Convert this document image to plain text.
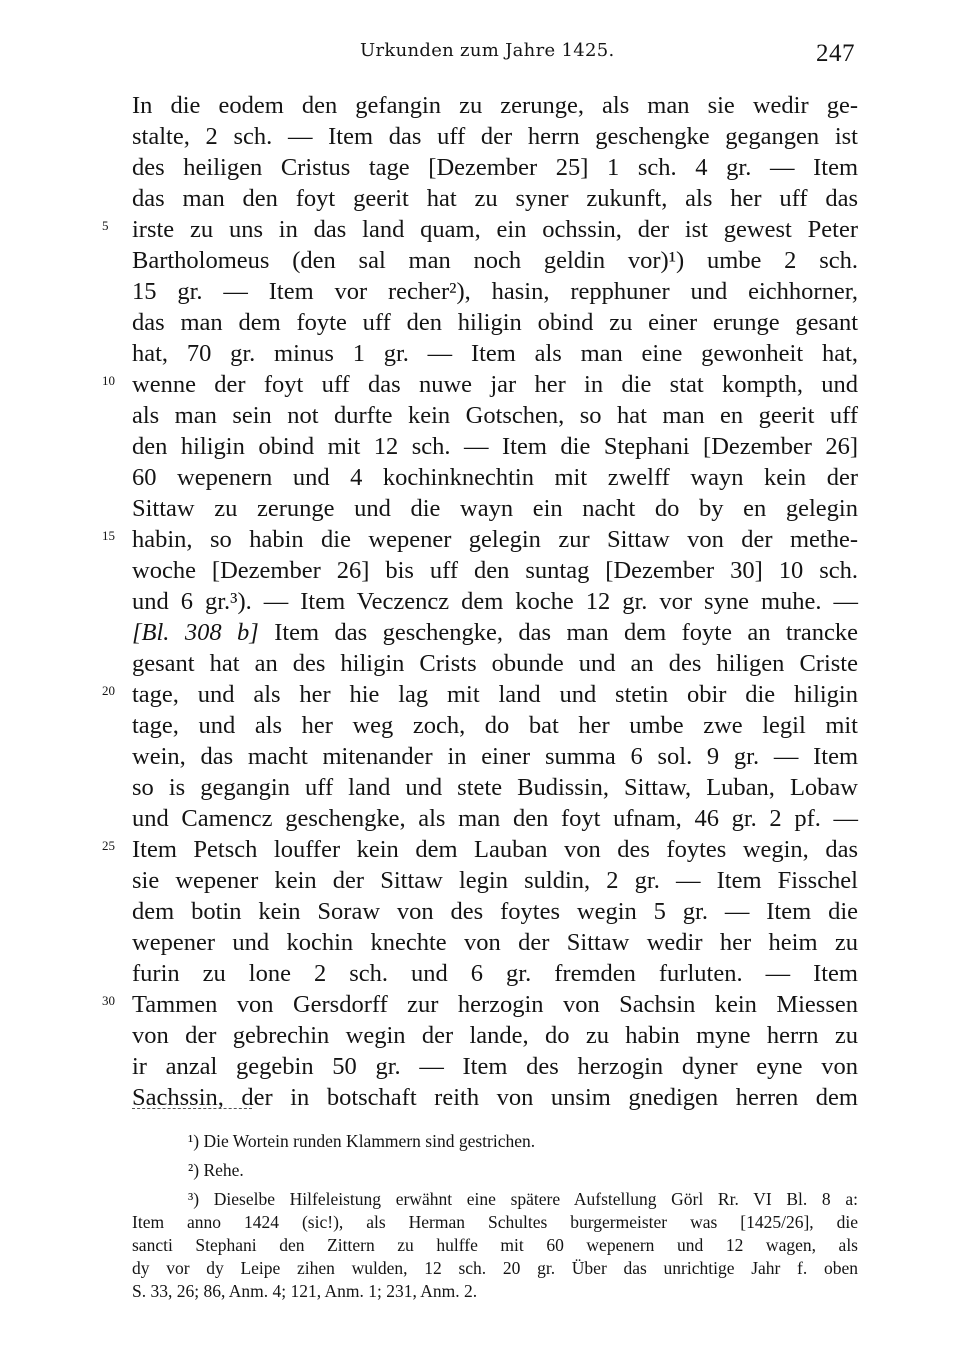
Urkunden zum Jahre 1425.	247
In die eodem den gefangin zu zerunge, als man sie wedir ge-
stalte, 2 sch. — Item das uff der herrn geschengke gegangen ist
des heiligen Cristus tage [Dezember 25] 1 sch. 4 gr. — Item
das man den foyt geerit hat zu syner zukunft, als her uff das
5 irste zu uns in das land quam, ein ochssin, der ist gewest Peter
Bartholomeus (den sal man noch geldin vor)¹) umbe 2 sch.
15 gr. — Item vor recher²), hasin, repphuner und eichhorner,
das man dem foyte uff den hiligin obind zu einer erunge gesant
hat, 70 gr. minus 1 gr. — Item als man eine gewonheit hat,
10 wenne der foyt uff das nuwe jar her in die stat kompth, und
als man sein not durfte kein Gotschen, so hat man en geerit uff
den hiligin obind mit 12 sch. — Item die Stephani [Dezember 26]
60 wepenern und 4 kochinknechtin mit zwelff wayn kein der
Sittaw zu zerunge und die wayn ein nacht do by en gelegin
15 habin, so habin die wepener gelegin zur Sittaw von der methe-
woche [Dezember 26] bis uff den suntag [Dezember 30] 10 sch.
und 6 gr.³). — Item Veczencz dem koche 12 gr. vor syne muhe. —
[Bl. 308 b] Item das geschengke, das man dem foyte an trancke
gesant hat an des hiligin Crists obunde und an des hiligen Criste
20 tage, und als her hie lag mit land und stetin obir die hiligin
tage, und als her weg zoch, do bat her umbe zwe legil mit
wein, das macht mitenander in einer summa 6 sol. 9 gr. — Item
so is gegangin uff land und stete Budissin, Sittaw, Luban, Lobaw
und Camencz geschengke, als man den foyt ufnam, 46 gr. 2 pf. —
25 Item Petsch louffer kein dem Lauban von des foytes wegin, das
sie wepener kein der Sittaw legin suldin, 2 gr. — Item Fisschel
dem botin kein Soraw von des foytes wegin 5 gr. — Item die
wepener und kochin knechte von der Sittaw wedir her heim zu
furin zu lone 2 sch. und 6 gr. fremden furluten. — Item
30 Tammen von Gersdorff zur herzogin von Sachsin kein Miessen
von der gebrechin wegin der lande, do zu habin myne herrn zu
ir anzal gegebin 50 gr. — Item des herzogin dyner eyne von
Sachssin, der in botschaft reith von unsim gnedigen herren dem
¹) Die Wortein runden Klammern sind gestrichen.
²) Rehe.
³) Dieselbe Hilfeleistung erwähnt eine spätere Aufstellung Görl Rr. VI Bl. 8 a:
Item anno 1424 (sic!), als Herman Schultes burgermeister was [1425/26], die
sancti Stephani den Zittern zu hulffe mit 60 wepenern und 12 wagen, als
dy vor dy Leipe zihen wulden, 12 sch. 20 gr. Über das unrichtige Jahr f. oben
S. 33, 26; 86, Anm. 4; 121, Anm. 1; 231, Anm. 2.
